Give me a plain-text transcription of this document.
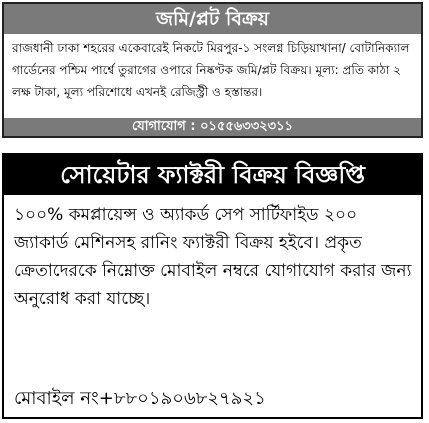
জমি/প্লট বিক্রয়
রাজধানী ঢাকা শহরের একেবারেই নিকটে মিরপুর-১ সংলগ্ন চিড়িয়াখানা/ বোটানিক্যাল গার্ডেনের পশ্চিম পার্শ্বে তুরাগের ওপারে নিষ্কণ্টক জমি/প্লট বিক্রয়। মূল্য: প্রতি কাঠা ২ লক্ষ টাকা, মূল্য পরিশোধে এখনই রেজিস্ট্রী ও হস্তান্তর।
যোগাযোগ : ০১৫৫৬৩৩২৩১১
সোয়েটার ফ্যাক্টরী বিক্রয় বিজ্ঞপ্তি
১০০% কমপ্লায়েন্স ও অ্যাকর্ড সেপ সার্টিফাইড ২০০ জ্যাকার্ড মেশিনসহ রানিং ফ্যাক্টরী বিক্রয় হইবে। প্রকৃত ক্রেতাদেরকে নিম্নোক্ত মোবাইল নম্বরে যোগাযোগ করার জন্য অনুরোধ করা যাচ্ছে।
মোবাইল নং+৮৮০১৯০৬৮২৭৯২১
